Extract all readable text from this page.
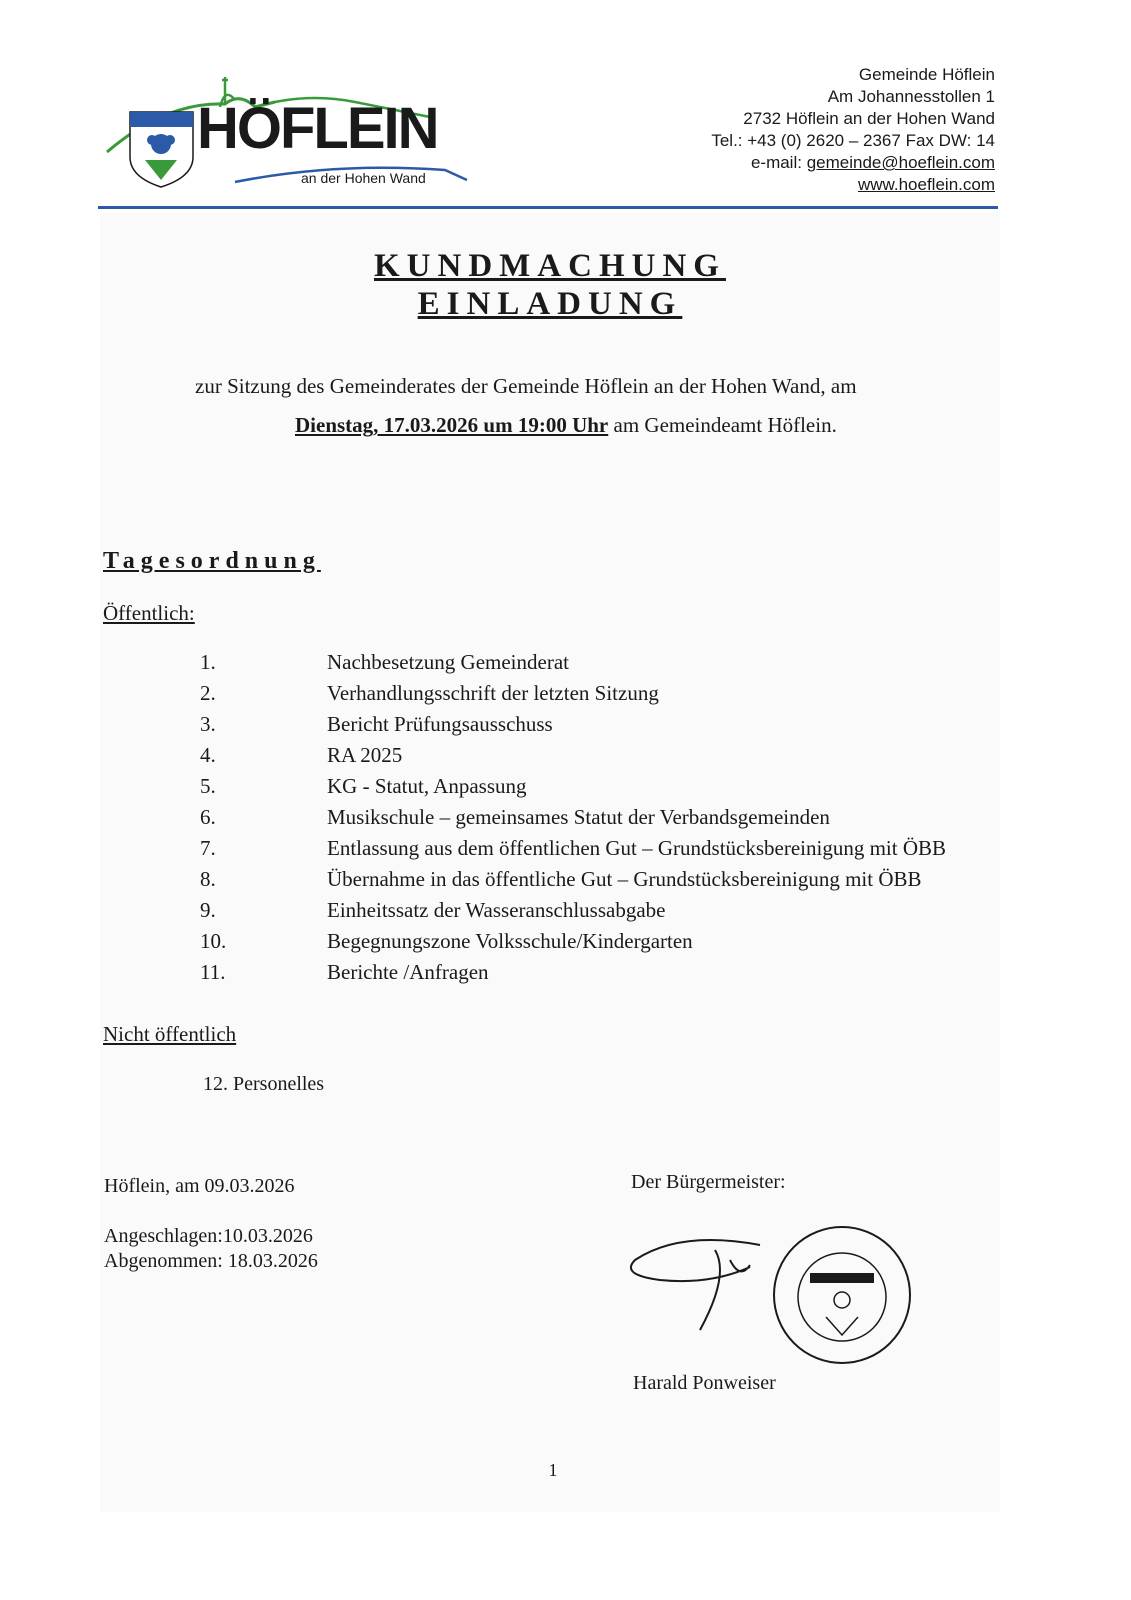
HÖFLEIN
an der Hohen Wand
Gemeinde Höflein
Am Johannesstollen 1
2732 Höflein an der Hohen Wand
Tel.: +43 (0) 2620 – 2367 Fax DW: 14
e-mail: gemeinde@hoeflein.com
www.hoeflein.com
KUNDMACHUNG
EINLADUNG
zur Sitzung des Gemeinderates der Gemeinde Höflein an der Hohen Wand, am
Dienstag, 17.03.2026 um 19:00 Uhr am Gemeindeamt Höflein.
Tagesordnung
Öffentlich:
1.	Nachbesetzung Gemeinderat
2.	Verhandlungsschrift der letzten Sitzung
3.	Bericht Prüfungsausschuss
4.	RA 2025
5.	KG - Statut, Anpassung
6.	Musikschule – gemeinsames Statut der Verbandsgemeinden
7.	Entlassung aus dem öffentlichen Gut – Grundstücksbereinigung mit ÖBB
8.	Übernahme in das öffentliche Gut – Grundstücksbereinigung mit ÖBB
9.	Einheitssatz der Wasseranschlussabgabe
10.	Begegnungszone Volksschule/Kindergarten
11.	Berichte /Anfragen
Nicht öffentlich
12. Personelles
Höflein, am 09.03.2026
Angeschlagen:10.03.2026
Abgenommen: 18.03.2026
Der Bürgermeister:
Harald Ponweiser
1
